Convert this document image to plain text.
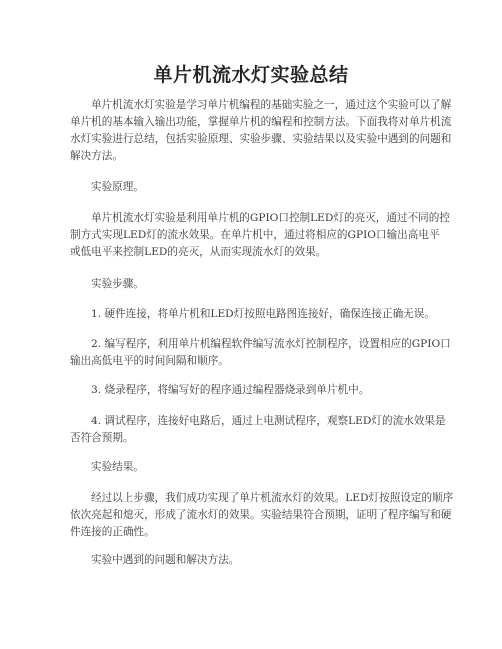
单片机流水灯实验总结

单片机流水灯实验是学习单片机编程的基础实验之一，通过这个实验可以了解
单片机的基本输入输出功能，掌握单片机的编程和控制方法。下面我将对单片机流
水灯实验进行总结，包括实验原理、实验步骤、实验结果以及实验中遇到的问题和
解决方法。

实验原理。

单片机流水灯实验是利用单片机的GPIO口控制LED灯的亮灭，通过不同的控
制方式实现LED灯的流水效果。在单片机中，通过将相应的GPIO口输出高电平
或低电平来控制LED的亮灭，从而实现流水灯的效果。

实验步骤。

1. 硬件连接，将单片机和LED灯按照电路图连接好，确保连接正确无误。

2. 编写程序，利用单片机编程软件编写流水灯控制程序，设置相应的GPIO口
输出高低电平的时间间隔和顺序。

3. 烧录程序，将编写好的程序通过编程器烧录到单片机中。

4. 调试程序，连接好电路后，通过上电测试程序，观察LED灯的流水效果是
否符合预期。

实验结果。

经过以上步骤，我们成功实现了单片机流水灯的效果。LED灯按照设定的顺序
依次亮起和熄灭，形成了流水灯的效果。实验结果符合预期，证明了程序编写和硬
件连接的正确性。

实验中遇到的问题和解决方法。
